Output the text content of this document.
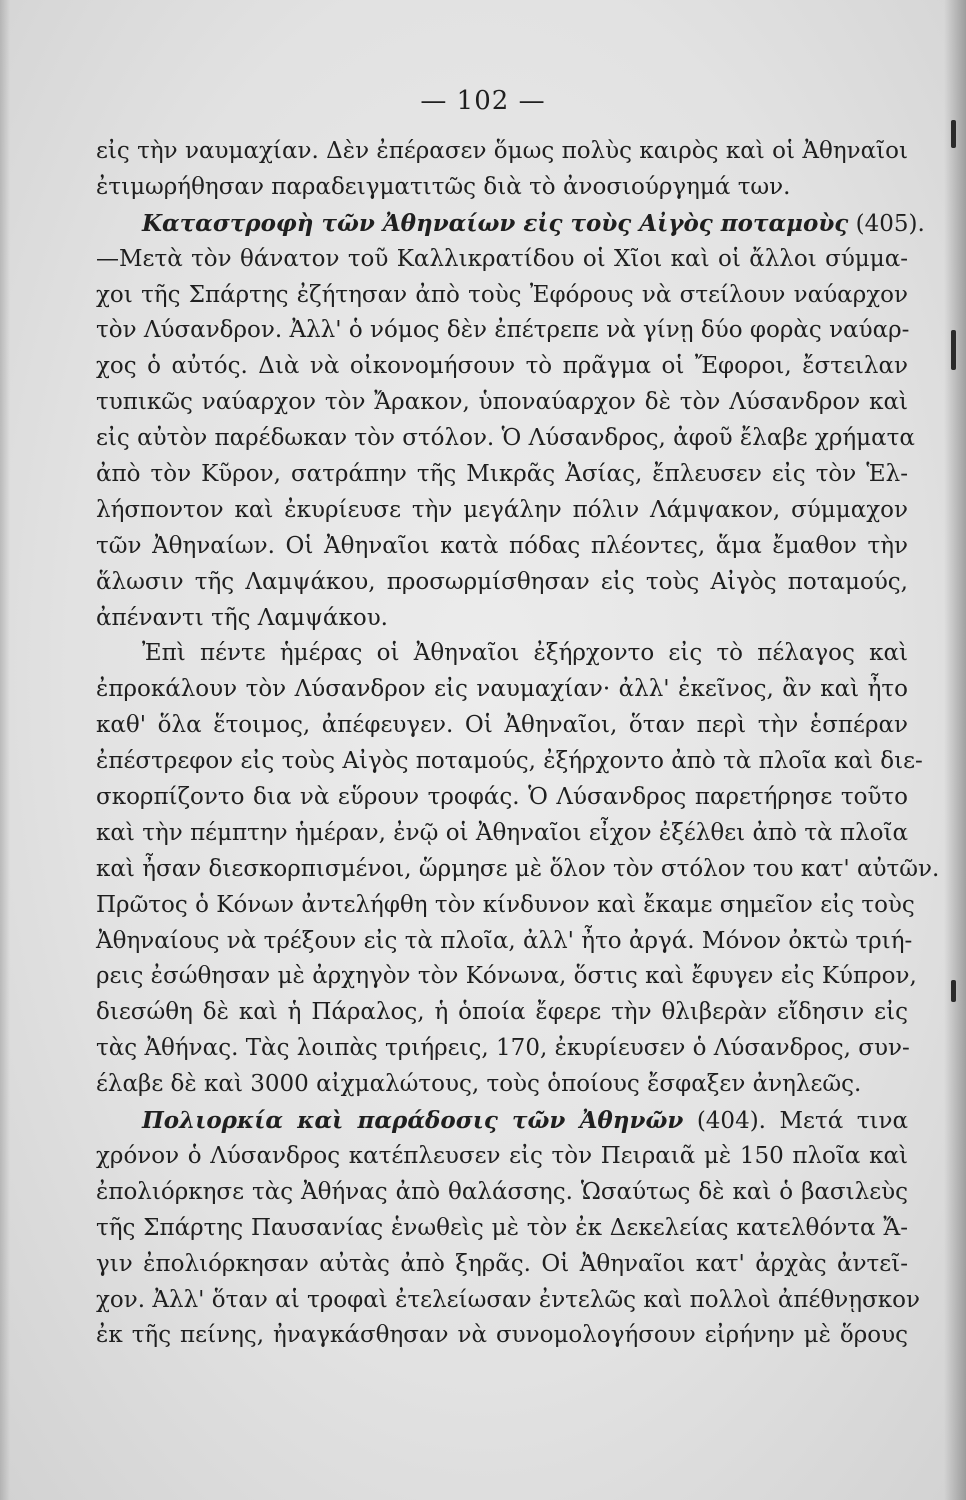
— 102 —
εἰς τὴν ναυμαχίαν. Δὲν ἐπέρασεν ὅμως πολὺς καιρὸς καὶ οἱ Ἀθηναῖοι
ἐτιμωρήθησαν παραδειγματιτῶς διὰ τὸ ἀνοσιούργημά των.
Καταστροφὴ τῶν Ἀθηναίων εἰς τοὺς Αἰγὸς ποταμοὺς (405).
—Μετὰ τὸν θάνατον τοῦ Καλλικρατίδου οἱ Χῖοι καὶ οἱ ἄλλοι σύμμα-
χοι τῆς Σπάρτης ἐζήτησαν ἀπὸ τοὺς Ἐφόρους νὰ στείλουν ναύαρχον
τὸν Λύσανδρον. Ἀλλ' ὁ νόμος δὲν ἐπέτρεπε νὰ γίνῃ δύο φορὰς ναύαρ-
χος ὁ αὐτός. Διὰ νὰ οἰκονομήσουν τὸ πρᾶγμα οἱ Ἔφοροι, ἔστειλαν
τυπικῶς ναύαρχον τὸν Ἄρακον, ὑποναύαρχον δὲ τὸν Λύσανδρον καὶ
εἰς αὐτὸν παρέδωκαν τὸν στόλον. Ὁ Λύσανδρος, ἀφοῦ ἔλαβε χρήματα
ἀπὸ τὸν Κῦρον, σατράπην τῆς Μικρᾶς Ἀσίας, ἔπλευσεν εἰς τὸν Ἑλ-
λήσποντον καὶ ἐκυρίευσε τὴν μεγάλην πόλιν Λάμψακον, σύμμαχον
τῶν Ἀθηναίων. Οἱ Ἀθηναῖοι κατὰ πόδας πλέοντες, ἅμα ἔμαθον τὴν
ἅλωσιν τῆς Λαμψάκου, προσωρμίσθησαν εἰς τοὺς Αἰγὸς ποταμούς,
ἀπέναντι τῆς Λαμψάκου.
Ἐπὶ πέντε ἡμέρας οἱ Ἀθηναῖοι ἐξήρχοντο εἰς τὸ πέλαγος καὶ
ἐπροκάλουν τὸν Λύσανδρον εἰς ναυμαχίαν· ἀλλ' ἐκεῖνος, ἂν καὶ ἦτο
καθ' ὅλα ἕτοιμος, ἀπέφευγεν. Οἱ Ἀθηναῖοι, ὅταν περὶ τὴν ἑσπέραν
ἐπέστρεφον εἰς τοὺς Αἰγὸς ποταμούς, ἐξήρχοντο ἀπὸ τὰ πλοῖα καὶ διε-
σκορπίζοντο δια νὰ εὕρουν τροφάς. Ὁ Λύσανδρος παρετήρησε τοῦτο
καὶ τὴν πέμπτην ἡμέραν, ἐνῷ οἱ Ἀθηναῖοι εἶχον ἐξέλθει ἀπὸ τὰ πλοῖα
καὶ ἦσαν διεσκορπισμένοι, ὥρμησε μὲ ὅλον τὸν στόλον του κατ' αὐτῶν.
Πρῶτος ὁ Κόνων ἀντελήφθη τὸν κίνδυνον καὶ ἔκαμε σημεῖον εἰς τοὺς
Ἀθηναίους νὰ τρέξουν εἰς τὰ πλοῖα, ἀλλ' ἦτο ἀργά. Μόνον ὀκτὼ τριή-
ρεις ἐσώθησαν μὲ ἀρχηγὸν τὸν Κόνωνα, ὅστις καὶ ἔφυγεν εἰς Κύπρον,
διεσώθη δὲ καὶ ἡ Πάραλος, ἡ ὁποία ἔφερε τὴν θλιβερὰν εἴδησιν εἰς
τὰς Ἀθήνας. Τὰς λοιπὰς τριήρεις, 170, ἐκυρίευσεν ὁ Λύσανδρος, συν-
έλαβε δὲ καὶ 3000 αἰχμαλώτους, τοὺς ὁποίους ἔσφαξεν ἀνηλεῶς.
Πολιορκία καὶ παράδοσις τῶν Ἀθηνῶν (404). Μετά τινα
χρόνον ὁ Λύσανδρος κατέπλευσεν εἰς τὸν Πειραιᾶ μὲ 150 πλοῖα καὶ
ἐπολιόρκησε τὰς Ἀθήνας ἀπὸ θαλάσσης. Ὡσαύτως δὲ καὶ ὁ βασιλεὺς
τῆς Σπάρτης Παυσανίας ἑνωθεὶς μὲ τὸν ἐκ Δεκελείας κατελθόντα Ἄ-
γιν ἐπολιόρκησαν αὐτὰς ἀπὸ ξηρᾶς. Οἱ Ἀθηναῖοι κατ' ἀρχὰς ἀντεῖ-
χον. Ἀλλ' ὅταν αἱ τροφαὶ ἐτελείωσαν ἐντελῶς καὶ πολλοὶ ἀπέθνῃσκον
ἐκ τῆς πείνης, ἠναγκάσθησαν νὰ συνομολογήσουν εἰρήνην μὲ ὅρους
